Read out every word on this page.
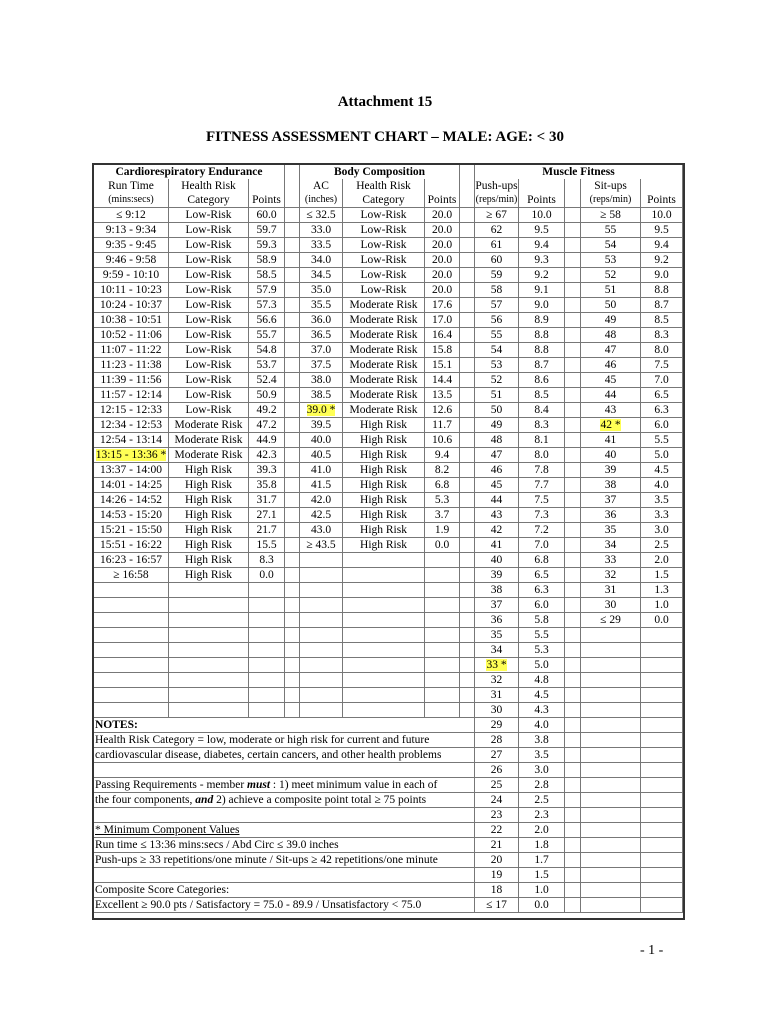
Attachment 15
FITNESS ASSESSMENT CHART – MALE: AGE: < 30
Cardiorespiratory Endurance				Body Composition				Muscle Fitness				
Run Time	Health Risk			AC	Health Risk			Push-ups			Sit-ups	
(mins:secs)	Category	Points		(inches)	Category	Points		(reps/min)	Points		(reps/min)	Points
≤ 9:12	Low-Risk	60.0		≤ 32.5	Low-Risk	20.0		≥ 67	10.0		≥ 58	10.0
9:13 - 9:34	Low-Risk	59.7		33.0	Low-Risk	20.0		62	9.5		55	9.5
9:35 - 9:45	Low-Risk	59.3		33.5	Low-Risk	20.0		61	9.4		54	9.4
9:46 - 9:58	Low-Risk	58.9		34.0	Low-Risk	20.0		60	9.3		53	9.2
9:59 - 10:10	Low-Risk	58.5		34.5	Low-Risk	20.0		59	9.2		52	9.0
10:11 - 10:23	Low-Risk	57.9		35.0	Low-Risk	20.0		58	9.1		51	8.8
10:24 - 10:37	Low-Risk	57.3		35.5	Moderate Risk	17.6		57	9.0		50	8.7
10:38 - 10:51	Low-Risk	56.6		36.0	Moderate Risk	17.0		56	8.9		49	8.5
10:52 - 11:06	Low-Risk	55.7		36.5	Moderate Risk	16.4		55	8.8		48	8.3
11:07 - 11:22	Low-Risk	54.8		37.0	Moderate Risk	15.8		54	8.8		47	8.0
11:23 - 11:38	Low-Risk	53.7		37.5	Moderate Risk	15.1		53	8.7		46	7.5
11:39 - 11:56	Low-Risk	52.4		38.0	Moderate Risk	14.4		52	8.6		45	7.0
11:57 - 12:14	Low-Risk	50.9		38.5	Moderate Risk	13.5		51	8.5		44	6.5
12:15 - 12:33	Low-Risk	49.2		39.0 *	Moderate Risk	12.6		50	8.4		43	6.3
12:34 - 12:53	Moderate Risk	47.2		39.5	High Risk	11.7		49	8.3		42 *	6.0
12:54 - 13:14	Moderate Risk	44.9		40.0	High Risk	10.6		48	8.1		41	5.5
13:15 - 13:36 *	Moderate Risk	42.3		40.5	High Risk	9.4		47	8.0		40	5.0
13:37 - 14:00	High Risk	39.3		41.0	High Risk	8.2		46	7.8		39	4.5
14:01 - 14:25	High Risk	35.8		41.5	High Risk	6.8		45	7.7		38	4.0
14:26 - 14:52	High Risk	31.7		42.0	High Risk	5.3		44	7.5		37	3.5
14:53 - 15:20	High Risk	27.1		42.5	High Risk	3.7		43	7.3		36	3.3
15:21 - 15:50	High Risk	21.7		43.0	High Risk	1.9		42	7.2		35	3.0
15:51 - 16:22	High Risk	15.5		≥ 43.5	High Risk	0.0		41	7.0		34	2.5
16:23 - 16:57	High Risk	8.3						40	6.8		33	2.0
≥ 16:58	High Risk	0.0						39	6.5		32	1.5
								38	6.3		31	1.3
								37	6.0		30	1.0
								36	5.8		≤ 29	0.0
								35	5.5			
								34	5.3			
								33 *	5.0			
								32	4.8			
								31	4.5			
								30	4.3			
NOTES:								29	4.0			
Health Risk Category = low, moderate or high risk for current and future								28	3.8			
cardiovascular disease, diabetes, certain cancers, and other health problems								27	3.5			
								26	3.0			
Passing Requirements - member must : 1) meet minimum value in each of								25	2.8			
the four components, and 2) achieve a composite point total ≥ 75 points								24	2.5			
								23	2.3			
* Minimum Component Values								22	2.0			
Run time ≤ 13:36 mins:secs / Abd Circ ≤ 39.0 inches								21	1.8			
Push-ups ≥ 33 repetitions/one minute / Sit-ups ≥ 42 repetitions/one minute								20	1.7			
								19	1.5			
Composite Score Categories:								18	1.0			
Excellent ≥ 90.0 pts / Satisfactory = 75.0 - 89.9 / Unsatisfactory < 75.0								≤ 17	0.0			
- 1 -
